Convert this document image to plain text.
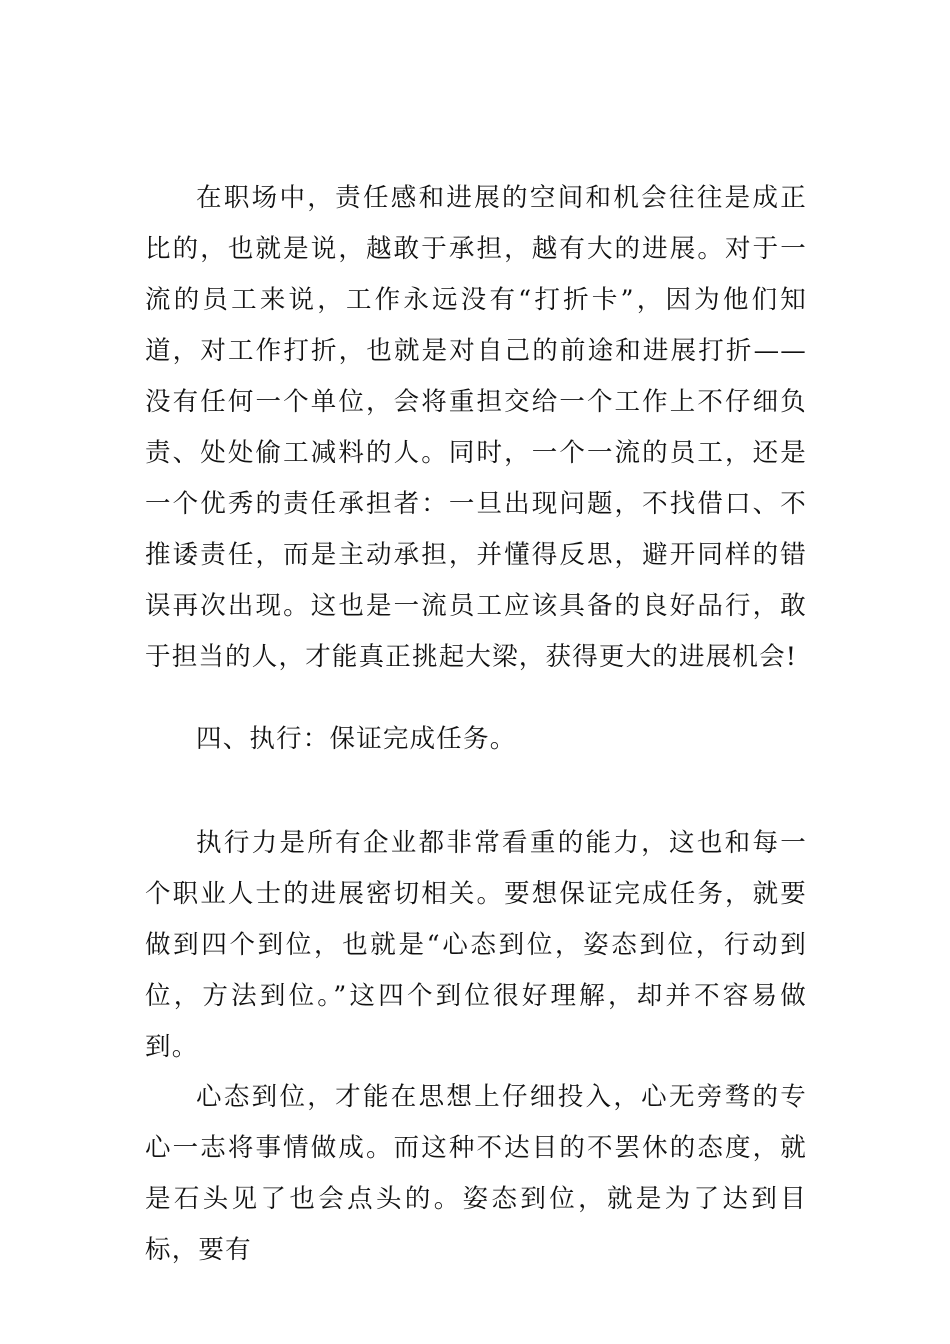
在职场中，责任感和进展的空间和机会往往是成正比的，也就是说，越敢于承担，越有大的进展。对于一流的员工来说，工作永远没有“打折卡”，因为他们知道，对工作打折，也就是对自己的前途和进展打折——没有任何一个单位，会将重担交给一个工作上不仔细负责、处处偷工减料的人。同时，一个一流的员工，还是一个优秀的责任承担者：一旦出现问题，不找借口、不推诿责任，而是主动承担，并懂得反思，避开同样的错误再次出现。这也是一流员工应该具备的良好品行，敢于担当的人，才能真正挑起大梁，获得更大的进展机会!

四、执行：保证完成任务。

执行力是所有企业都非常看重的能力，这也和每一个职业人士的进展密切相关。要想保证完成任务，就要做到四个到位，也就是“心态到位，姿态到位，行动到位，方法到位。”这四个到位很好理解，却并不容易做到。

心态到位，才能在思想上仔细投入，心无旁骛的专心一志将事情做成。而这种不达目的不罢休的态度，就是石头见了也会点头的。姿态到位，就是为了达到目标，要有
